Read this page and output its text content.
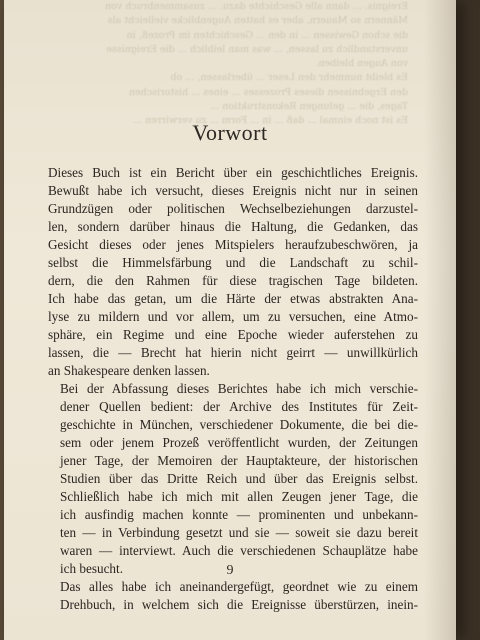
Ereignis. ... dann alle Geschichte dazu. ... zusammenbruch von

Männern so Mauern, aber es hatten Augenblicke vielleicht als

die schon Gewissen ... in den ... Geschichten im Prozeß, in

unverstandlich zu lassen, ... was man leiblich ... die Ereignisse

von Augen bleiben.

Es bleibt nunmehr den Leser ... überlassen, ... ob

den Ergebnissen dieses Prozesses ... eines ... historischen

Tages, die ... gelungen Rekonstruktion ...

Es ist noch einmal ... daß ... in ... Form ... zu verwirren ...

Vorwort

Dieses Buch ist ein Bericht über ein geschichtliches Ereignis.
Bewußt habe ich versucht, dieses Ereignis nicht nur in seinen
Grundzügen oder politischen Wechselbeziehungen darzustel-
len, sondern darüber hinaus die Haltung, die Gedanken, das
Gesicht dieses oder jenes Mitspielers heraufzubeschwören, ja
selbst die Himmelsfärbung und die Landschaft zu schil-
dern, die den Rahmen für diese tragischen Tage bildeten.
Ich habe das getan, um die Härte der etwas abstrakten Ana-
lyse zu mildern und vor allem, um zu versuchen, eine Atmo-
sphäre, ein Regime und eine Epoche wieder auferstehen zu
lassen, die — Brecht hat hierin nicht geirrt — unwillkürlich
an Shakespeare denken lassen.

Bei der Abfassung dieses Berichtes habe ich mich verschie-
dener Quellen bedient: der Archive des Institutes für Zeit-
geschichte in München, verschiedener Dokumente, die bei die-
sem oder jenem Prozeß veröffentlicht wurden, der Zeitungen
jener Tage, der Memoiren der Hauptakteure, der historischen
Studien über das Dritte Reich und über das Ereignis selbst.
Schließlich habe ich mich mit allen Zeugen jener Tage, die
ich ausfindig machen konnte — prominenten und unbekann-
ten — in Verbindung gesetzt und sie — soweit sie dazu bereit
waren — interviewt. Auch die verschiedenen Schauplätze habe
ich besucht.

Das alles habe ich aneinandergefügt, geordnet wie zu einem
Drehbuch, in welchem sich die Ereignisse überstürzen, inein-

9
